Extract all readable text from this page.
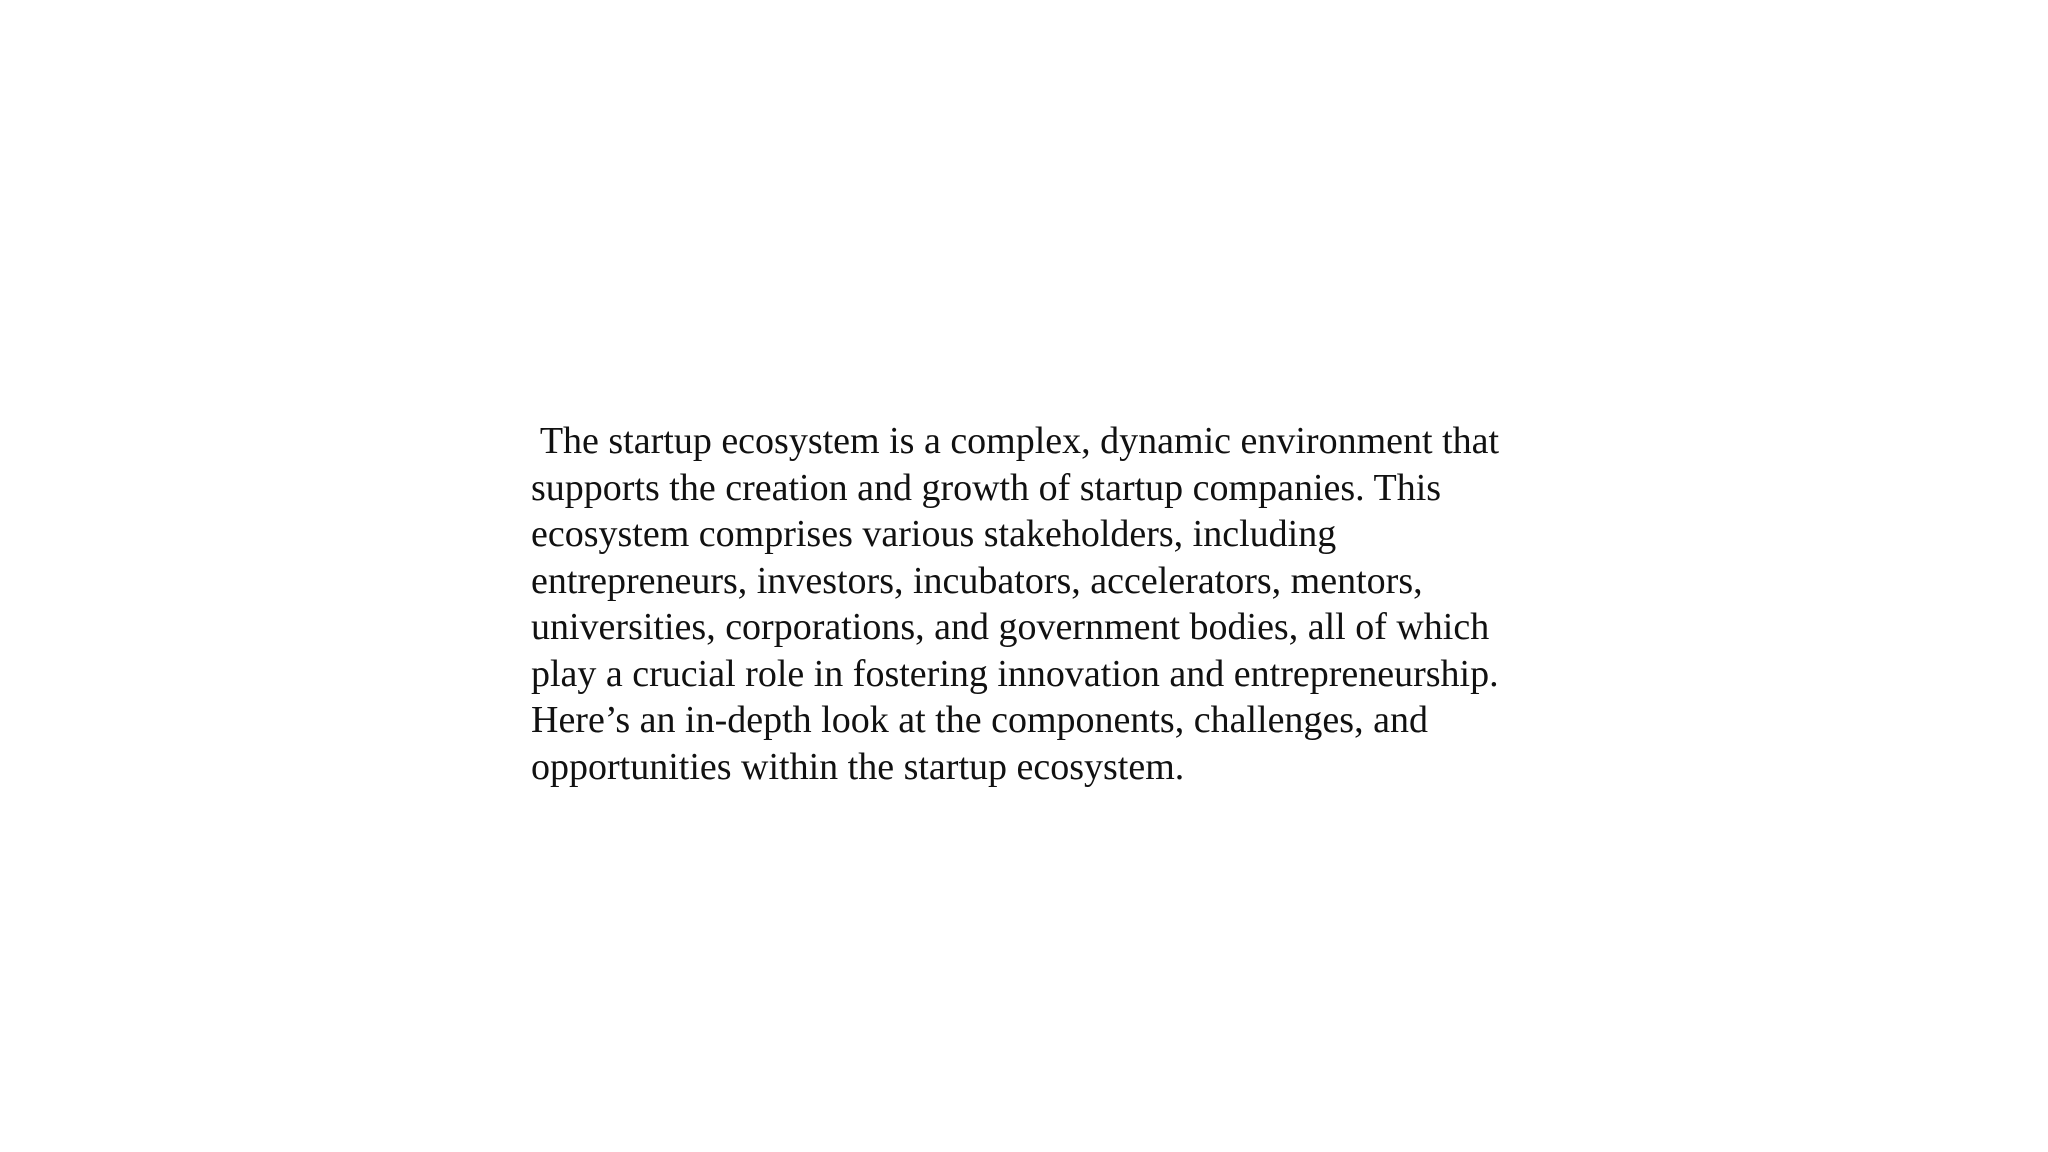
The startup ecosystem is a complex, dynamic environment that
supports the creation and growth of startup companies. This
ecosystem comprises various stakeholders, including
entrepreneurs, investors, incubators, accelerators, mentors,
universities, corporations, and government bodies, all of which
play a crucial role in fostering innovation and entrepreneurship.
Here’s an in-depth look at the components, challenges, and
opportunities within the startup ecosystem.
